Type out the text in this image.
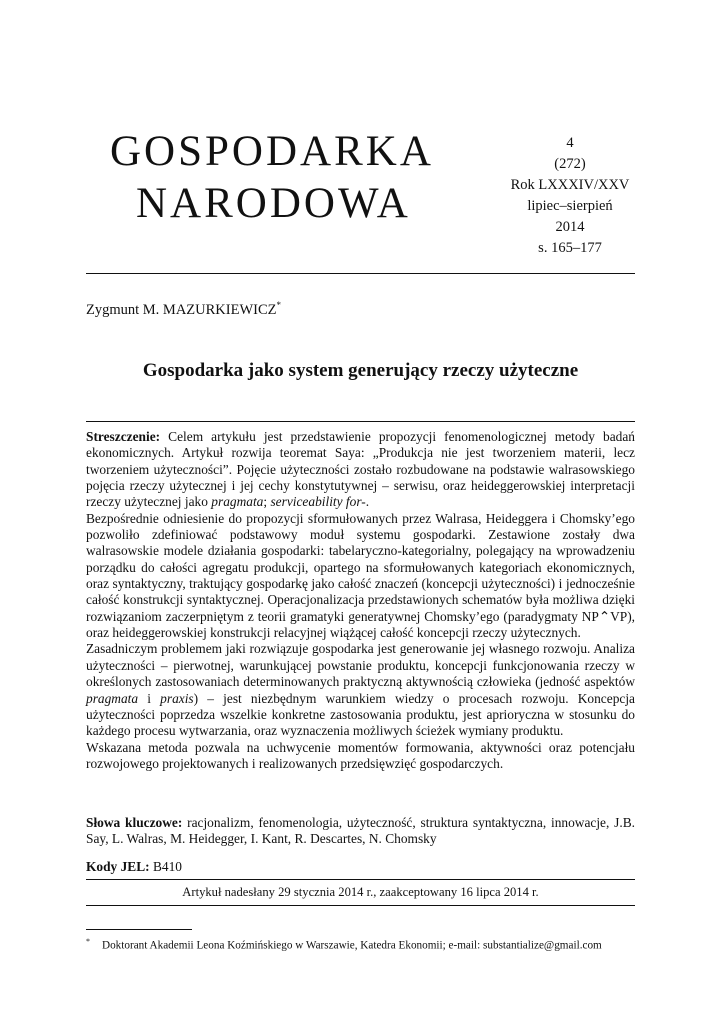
GOSPODARKA
NARODOWA
4
(272)
Rok LXXXIV/XXV
lipiec–sierpień
2014
s. 165–177
Zygmunt M. MAZURKIEWICZ*
Gospodarka jako system generujący rzeczy użyteczne

Streszczenie: Celem artykułu jest przedstawienie propozycji fenomenologicznej metody badań ekonomicznych. Artykuł rozwija teoremat Saya: „Produkcja nie jest tworzeniem materii, lecz tworzeniem użyteczności”. Pojęcie użyteczności zostało rozbudowane na podstawie walrasowskiego pojęcia rzeczy użytecznej i jej cechy konstytutywnej – serwisu, oraz heideggerowskiej interpretacji rzeczy użytecznej jako pragmata; serviceability for-.

Bezpośrednie odniesienie do propozycji sformułowanych przez Walrasa, Heideggera i Chomsky’ego pozwoliło zdefiniować podstawowy moduł systemu gospodarki. Zestawione zostały dwa walrasowskie modele działania gospodarki: tabelaryczno-kategorialny, polegający na wprowadzeniu porządku do całości agregatu produkcji, opartego na sformułowanych kategoriach ekonomicznych, oraz syntaktyczny, traktujący gospodarkę jako całość znaczeń (koncepcji użyteczności) i jednocześnie całość konstrukcji syntaktycznej. Operacjonalizacja przedstawionych schematów była możliwa dzięki rozwiązaniom zaczerpniętym z teorii gramatyki generatywnej Chomsky’ego (paradygmaty NP⌃VP), oraz heideggerowskiej konstrukcji relacyjnej wiążącej całość koncepcji rzeczy użytecznych.

Zasadniczym problemem jaki rozwiązuje gospodarka jest generowanie jej własnego rozwoju. Analiza użyteczności – pierwotnej, warunkującej powstanie produktu, koncepcji funkcjonowania rzeczy w określonych zastosowaniach determinowanych praktyczną aktywnością człowieka (jedność aspektów pragmata i praxis) – jest niezbędnym warunkiem wiedzy o procesach rozwoju. Koncepcja użyteczności poprzedza wszelkie konkretne zastosowania produktu, jest aprioryczna w stosunku do każdego procesu wytwarzania, oraz wyznaczenia możliwych ścieżek wymiany produktu.

Wskazana metoda pozwala na uchwycenie momentów formowania, aktywności oraz potencjału rozwojowego projektowanych i realizowanych przedsięwzięć gospodarczych.

Słowa kluczowe: racjonalizm, fenomenologia, użyteczność, struktura syntaktyczna, innowacje, J.B. Say, L. Walras, M. Heidegger, I. Kant, R. Descartes, N. Chomsky
Kody JEL: B410
Artykuł nadesłany 29 stycznia 2014 r., zaakceptowany 16 lipca 2014 r.
* Doktorant Akademii Leona Koźmińskiego w Warszawie, Katedra Ekonomii; e-mail: substantialize@gmail.com
